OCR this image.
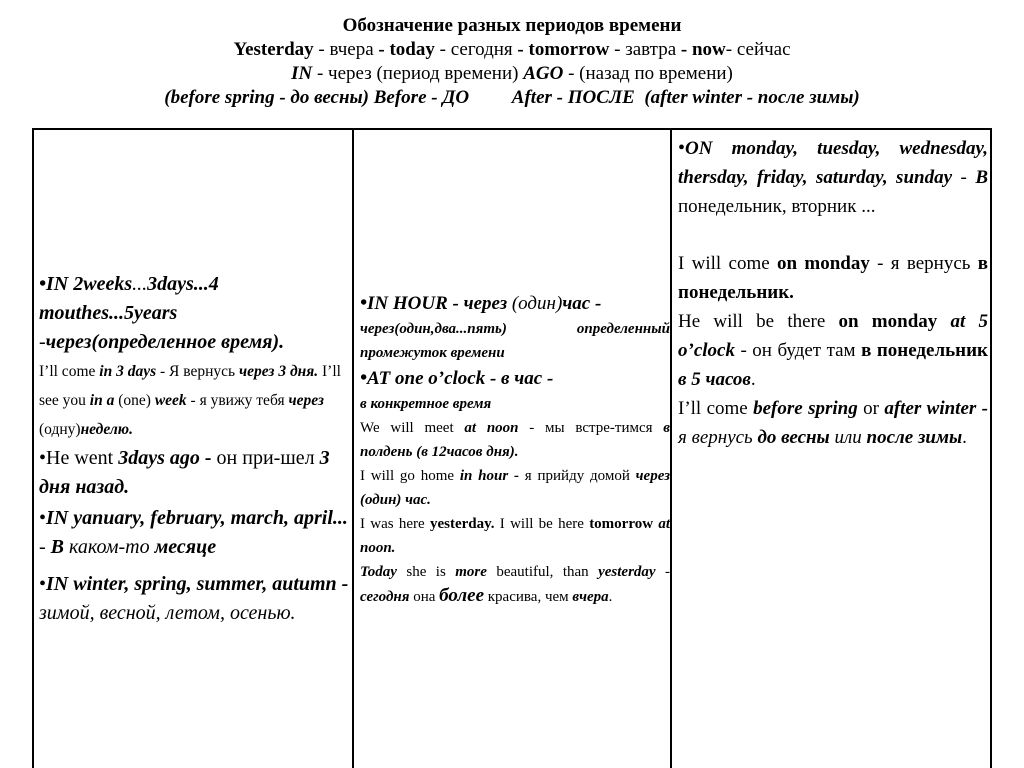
Обозначение разных периодов времени
Yesterday - вчера - today - сегодня - tomorrow - завтра - now- сейчас
IN - через (период времени) AGO - (назад по времени)
(before spring - до весны) Before - ДО         After - ПОСЛЕ  (after winter - после зимы)

•IN 2weeks...3days...4 mouthes...5years -через(определенное время).

I’ll come in 3 days - Я вернусь через 3 дня. I’ll see you in a (one) week - я увижу тебя через (одну)неделю.

•He went 3days ago - он при-шел 3 дня назад.

•IN yanuary, february, march, april... - В каком-то месяце

•IN winter, spring, summer, autumn - зимой, весной, летом, осенью.

•IN HOUR - через (один)час -

через(один,два...пять) определенный промежуток времени

•AT one o’clock - в час -

в конкретное время

We will meet at noon - мы встре-тимся в полдень (в 12часов дня).

I will go home in hour - я прийду домой через (один) час.

I was here yesterday. I will be here tomorrow at noon.

Today she is more beautiful, than yesterday - сегодня она более красива, чем вчера.

•ON monday, tuesday, wednesday, thersday, friday, saturday, sunday - В понедельник, вторник ...

I will come on monday - я вернусь в понедельник.

He will be there on monday at 5 o’clock - он будет там в понедельник в 5 часов.

I’ll come before spring or after winter - я вернусь до весны или после зимы.
